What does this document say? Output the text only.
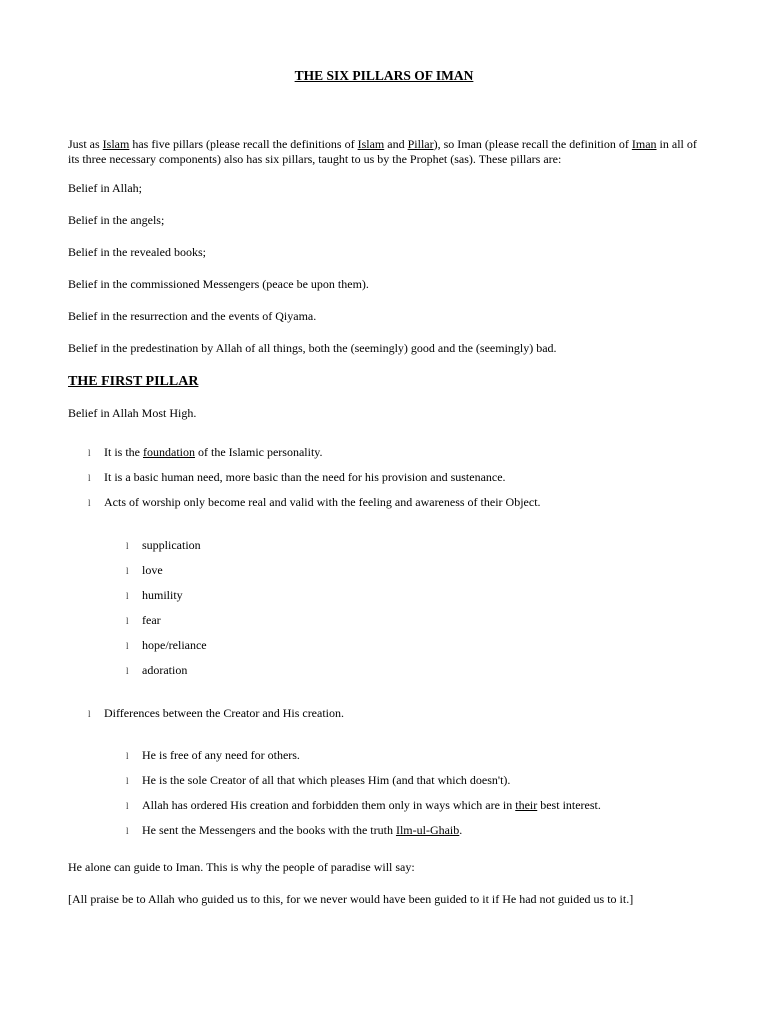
THE SIX PILLARS OF IMAN
Just as Islam has five pillars (please recall the definitions of Islam and Pillar), so Iman (please recall the definition of Iman in all of its three necessary components) also has six pillars, taught to us by the Prophet (sas). These pillars are:
Belief in Allah;
Belief in the angels;
Belief in the revealed books;
Belief in the commissioned Messengers (peace be upon them).
Belief in the resurrection and the events of Qiyama.
Belief in the predestination by Allah of all things, both the (seemingly) good and the (seemingly) bad.
THE FIRST PILLAR
Belief in Allah Most High.
l It is the foundation of the Islamic personality.
l It is a basic human need, more basic than the need for his provision and sustenance.
l Acts of worship only become real and valid with the feeling and awareness of their Object.
l supplication
l love
l humility
l fear
l hope/reliance
l adoration
l Differences between the Creator and His creation.
l He is free of any need for others.
l He is the sole Creator of all that which pleases Him (and that which doesn't).
l Allah has ordered His creation and forbidden them only in ways which are in their best interest.
l He sent the Messengers and the books with the truth Ilm-ul-Ghaib.
He alone can guide to Iman. This is why the people of paradise will say:
[All praise be to Allah who guided us to this, for we never would have been guided to it if He had not guided us to it.]
